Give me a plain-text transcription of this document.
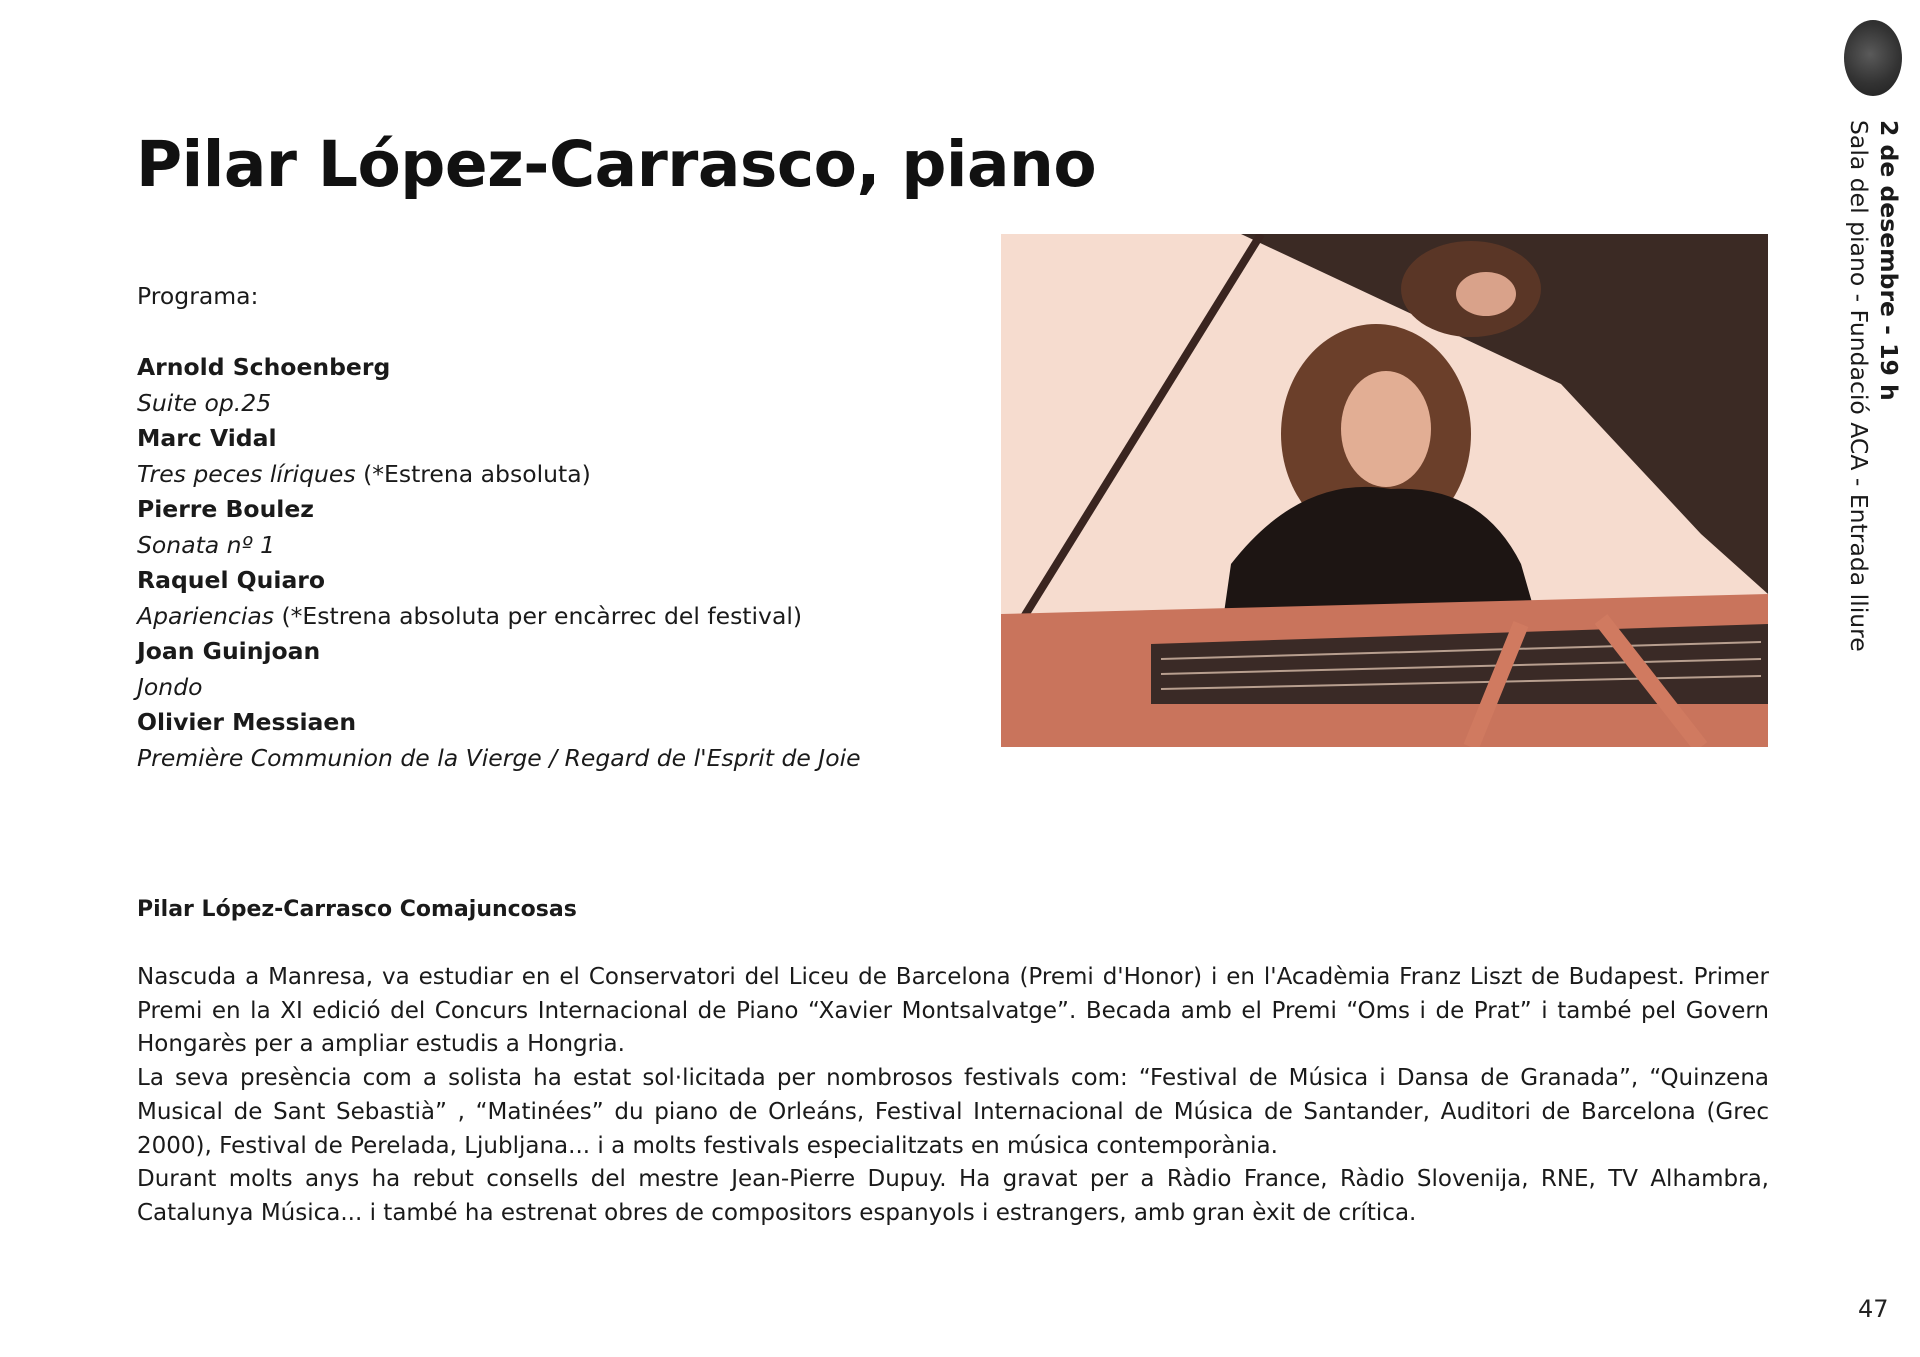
Pilar López-Carrasco, piano
Programa:
Arnold Schoenberg
Suite op.25
Marc Vidal
Tres peces líriques (*Estrena absoluta)
Pierre Boulez
Sonata nº 1
Raquel Quiaro
Apariencias (*Estrena absoluta per encàrrec del festival)
Joan Guinjoan
Jondo
Olivier Messiaen
Première Communion de la Vierge / Regard de l'Esprit de Joie
2 de desembre - 19 h
Sala del piano - Fundació ACA - Entrada lliure
Pilar López-Carrasco Comajuncosas

Nascuda a Manresa, va estudiar en el Conservatori del Liceu de Barcelona (Premi d'Honor) i en l'Acadèmia Franz Liszt de Budapest. Primer Premi en la XI edició del Concurs Internacional de Piano “Xavier Montsalvatge”. Becada amb el Premi “Oms i de Prat” i també pel Govern Hongarès per a ampliar estudis a Hongria.

La seva presència com a solista ha estat sol·licitada per nombrosos festivals com: “Festival de Música i Dansa de Granada”, “Quinzena Musical de Sant Sebastià” , “Matinées” du piano de Orleáns, Festival Internacional de Música de Santander, Auditori de Barcelona (Grec 2000), Festival de Perelada, Ljubljana... i a molts festivals especialitzats en música contemporània.

Durant molts anys ha rebut consells del mestre Jean-Pierre Dupuy. Ha gravat per a Ràdio France, Ràdio Slovenija, RNE, TV Alhambra, Catalunya Música... i també ha estrenat obres de compositors espanyols i estrangers, amb gran èxit de crítica.

47
